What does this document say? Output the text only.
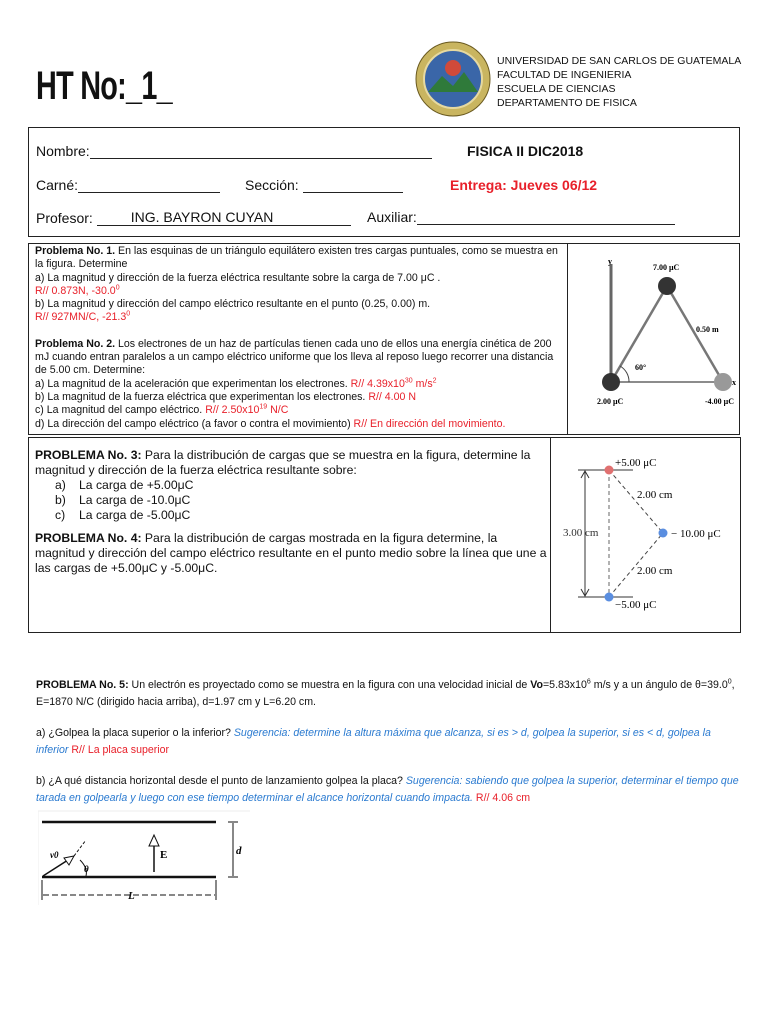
HT No:_1_
UNIVERSIDAD DE SAN CARLOS DE GUATEMALA
FACULTAD DE INGENIERIA
ESCUELA DE CIENCIAS
DEPARTAMENTO DE FISICA
Nombre:	FISICA II DIC2018
Carné:	Sección:	Entrega: Jueves 06/12
Profesor:	ING. BAYRON CUYAN	Auxiliar:
Problema No. 1. En las esquinas de un triángulo equilátero existen tres cargas puntuales, como se muestra en la figura. Determine
a) La magnitud y dirección de la fuerza eléctrica resultante sobre la carga de 7.00 μC .
R// 0.873N, -30.0$^0$
b) La magnitud y dirección del campo eléctrico resultante en el punto (0.25, 0.00) m.
R// 927MN/C, -21.3$^0$
Problema No. 2. Los electrones de un haz de partículas tienen cada uno de ellos una energía cinética de 200 mJ cuando entran paralelos a un campo eléctrico uniforme que los lleva al reposo luego recorrer una distancia de 5.00 cm. Determine:
a) La magnitud de la aceleración que experimentan los electrones. R// $4.39x10^{30}$ $m/s^2$
b) La magnitud de la fuerza eléctrica que experimentan los electrones. R// 4.00 N
c) La magnitud del campo eléctrico. R// $2.50x10^{19}$ N/C
d) La dirección del campo eléctrico (a favor o contra el movimiento) R// En dirección del movimiento.
y
x
7.00 μC
2.00 μC	-4.00 μC
0.50 m
60°
PROBLEMA No. 3: Para la distribución de cargas que se muestra en la figura, determine la magnitud y dirección de la fuerza eléctrica resultante sobre:
a) La carga de +5.00μC
b) La carga de -10.0μC
c) La carga de -5.00μC
PROBLEMA No. 4: Para la distribución de cargas mostrada en la figura determine, la magnitud y dirección del campo eléctrico resultante en el punto medio sobre la línea que une a las cargas de +5.00μC y -5.00μC.
+5.00 μC
− 10.00 μC
−5.00 μC
2.00 cm
2.00 cm
3.00 cm

PROBLEMA No. 5: Un electrón es proyectado como se muestra en la figura con una velocidad inicial de $Vo=5.83x10^6$ m/s y a un ángulo de $\theta=39.0^0$, E=1870 N/C (dirigido hacia arriba), d=1.97 cm y L=6.20 cm.

a) ¿Golpea la placa superior o la inferior? Sugerencia: determine la altura máxima que alcanza, si es > d, golpea la superior, si es < d, golpea la inferior R// La placa superior

b) ¿A qué distancia horizontal desde el punto de lanzamiento golpea la placa? Sugerencia: sabiendo que golpea la superior, determinar el tiempo que tarada en golpearla y luego con ese tiempo determinar el alcance horizontal cuando impacta. R// 4.06 cm

θ
v0	E	d
L
